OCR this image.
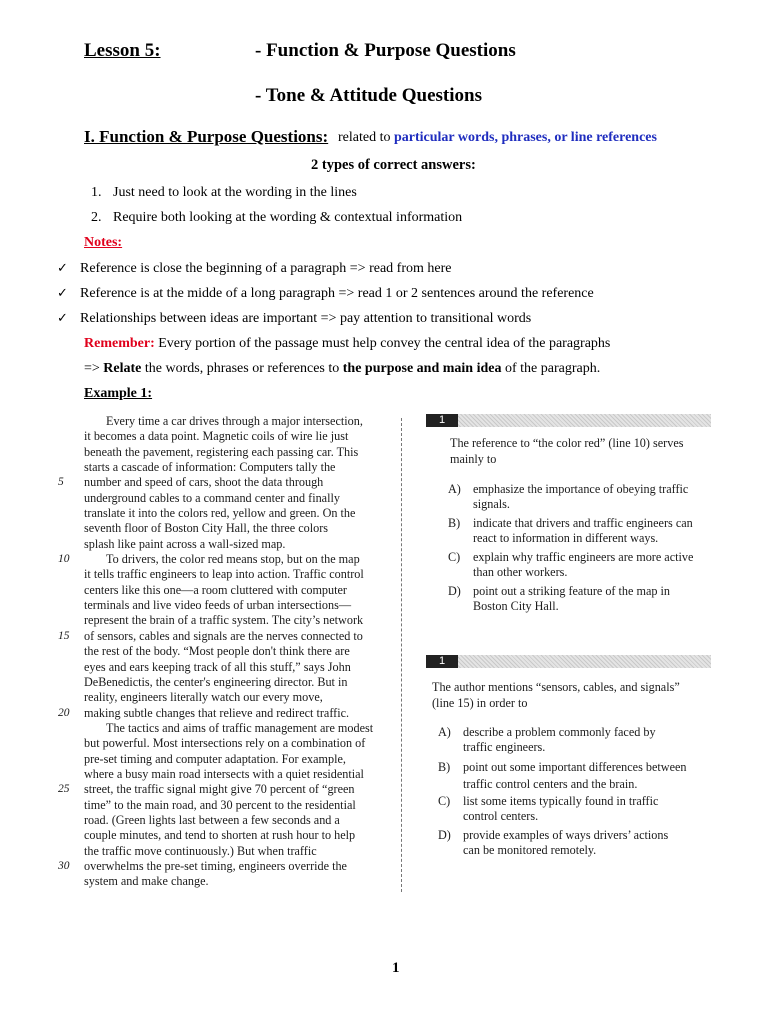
Lesson 5:	- Function & Purpose Questions
- Tone & Attitude Questions
I. Function & Purpose Questions: related to particular words, phrases, or line references
2 types of correct answers:
1. Just need to look at the wording in the lines
2. Require both looking at the wording & contextual information
Notes:
✓ Reference is close the beginning of a paragraph => read from here
✓ Reference is at the midde of a long paragraph => read 1 or 2 sentences around the reference
✓ Relationships between ideas are important => pay attention to transitional words
Remember: Every portion of the passage must help convey the central idea of the paragraphs
=> Relate the words, phrases or references to the purpose and main idea of the paragraph.
Example 1:
Every time a car drives through a major intersection,
it becomes a data point. Magnetic coils of wire lie just
beneath the pavement, registering each passing car. This
starts a cascade of information: Computers tally the
5	number and speed of cars, shoot the data through
underground cables to a command center and finally
translate it into the colors red, yellow and green. On the
seventh floor of Boston City Hall, the three colors
splash like paint across a wall-sized map.
10	To drivers, the color red means stop, but on the map
it tells traffic engineers to leap into action. Traffic control
centers like this one—a room cluttered with computer
terminals and live video feeds of urban intersections—
represent the brain of a traffic system. The city’s network
15	of sensors, cables and signals are the nerves connected to
the rest of the body. “Most people don't think there are
eyes and ears keeping track of all this stuff,” says John
DeBenedictis, the center's engineering director. But in
reality, engineers literally watch our every move,
20	making subtle changes that relieve and redirect traffic.
The tactics and aims of traffic management are modest
but powerful. Most intersections rely on a combination of
pre-set timing and computer adaptation. For example,
where a busy main road intersects with a quiet residential
25	street, the traffic signal might give 70 percent of “green
time” to the main road, and 30 percent to the residential
road. (Green lights last between a few seconds and a
couple minutes, and tend to shorten at rush hour to help
the traffic move continuously.) But when traffic
30	overwhelms the pre-set timing, engineers override the
system and make change.
1
The reference to “the color red” (line 10) serves
mainly to
A) emphasize the importance of obeying traffic
signals.
B) indicate that drivers and traffic engineers can
react to information in different ways.
C) explain why traffic engineers are more active
than other workers.
D) point out a striking feature of the map in
Boston City Hall.
1
The author mentions “sensors, cables, and signals”
(line 15) in order to
A) describe a problem commonly faced by
traffic engineers.
B) point out some important differences between
traffic control centers and the brain.
C) list some items typically found in traffic
control centers.
D) provide examples of ways drivers’ actions
can be monitored remotely.
1
